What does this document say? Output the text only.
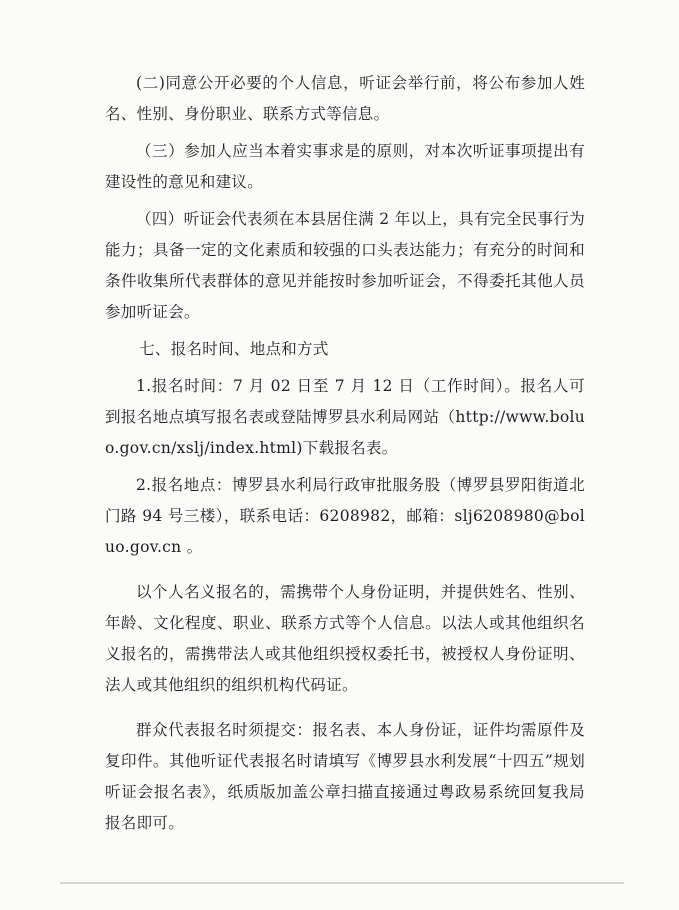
(二)同意公开必要的个人信息，听证会举行前，将公布参加人姓名、性别、身份职业、联系方式等信息。

（三）参加人应当本着实事求是的原则，对本次听证事项提出有建设性的意见和建议。

（四）听证会代表须在本县居住满 2 年以上，具有完全民事行为能力；具备一定的文化素质和较强的口头表达能力；有充分的时间和条件收集所代表群体的意见并能按时参加听证会，不得委托其他人员参加听证会。

七、报名时间、地点和方式

1.报名时间：7 月 02 日至 7 月 12 日（工作时间）。报名人可到报名地点填写报名表或登陆博罗县水利局网站（http://www.boluo.gov.cn/xslj/index.html)下载报名表。

2.报名地点：博罗县水利局行政审批服务股（博罗县罗阳街道北门路 94 号三楼），联系电话：6208982，邮箱：slj6208980@boluo.gov.cn 。

以个人名义报名的，需携带个人身份证明，并提供姓名、性别、年龄、文化程度、职业、联系方式等个人信息。以法人或其他组织名义报名的，需携带法人或其他组织授权委托书，被授权人身份证明、法人或其他组织的组织机构代码证。

群众代表报名时须提交：报名表、本人身份证，证件均需原件及复印件。其他听证代表报名时请填写《博罗县水利发展“十四五”规划听证会报名表》，纸质版加盖公章扫描直接通过粤政易系统回复我局报名即可。
